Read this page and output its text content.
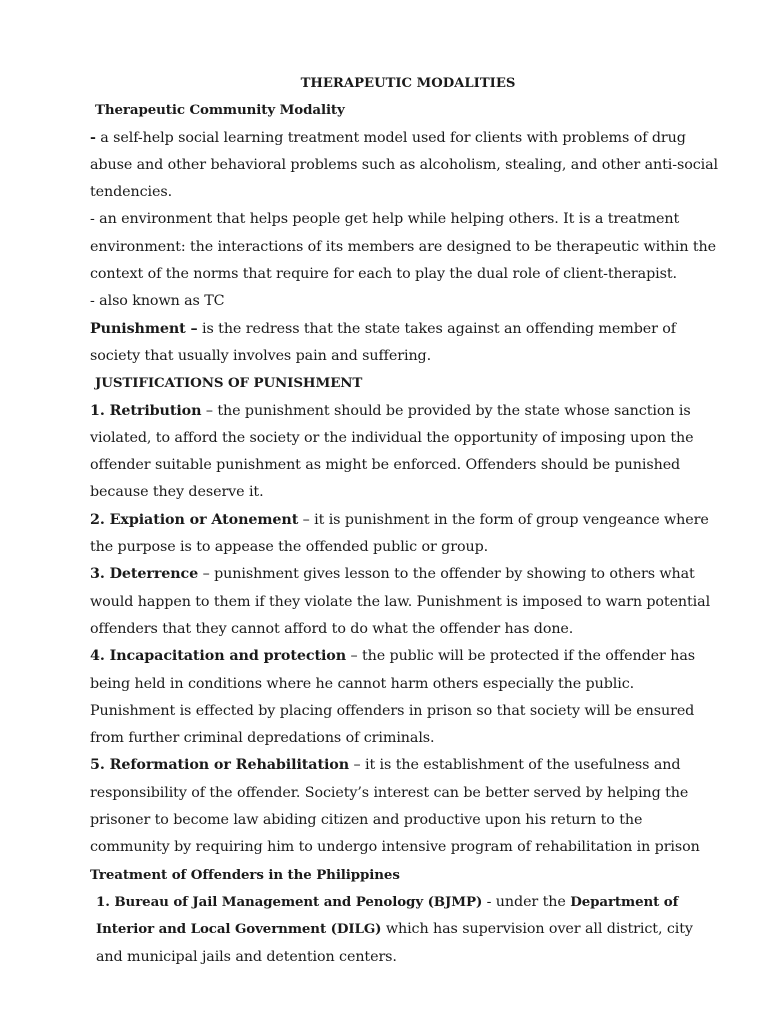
THERAPEUTIC MODALITIES

Therapeutic Community Modality

- a self-help social learning treatment model used for clients with problems of drug abuse and other behavioral problems such as alcoholism, stealing, and other anti-social tendencies.

- an environment that helps people get help while helping others. It is a treatment environment: the interactions of its members are designed to be therapeutic within the context of the norms that require for each to play the dual role of client-therapist.

- also known as TC

Punishment – is the redress that the state takes against an offending member of society that usually involves pain and suffering.

JUSTIFICATIONS OF PUNISHMENT

1. Retribution – the punishment should be provided by the state whose sanction is violated, to afford the society or the individual the opportunity of imposing upon the offender suitable punishment as might be enforced. Offenders should be punished because they deserve it.

2. Expiation or Atonement – it is punishment in the form of group vengeance where the purpose is to appease the offended public or group.

3. Deterrence – punishment gives lesson to the offender by showing to others what would happen to them if they violate the law. Punishment is imposed to warn potential offenders that they cannot afford to do what the offender has done.

4. Incapacitation and protection – the public will be protected if the offender has being held in conditions where he cannot harm others especially the public. Punishment is effected by placing offenders in prison so that society will be ensured from further criminal depredations of criminals.

5. Reformation or Rehabilitation – it is the establishment of the usefulness and responsibility of the offender. Society’s interest can be better served by helping the prisoner to become law abiding citizen and productive upon his return to the community by requiring him to undergo intensive program of rehabilitation in prison

Treatment of Offenders in the Philippines

1. Bureau of Jail Management and Penology (BJMP) - under the Department of Interior and Local Government (DILG) which has supervision over all district, city and municipal jails and detention centers.
